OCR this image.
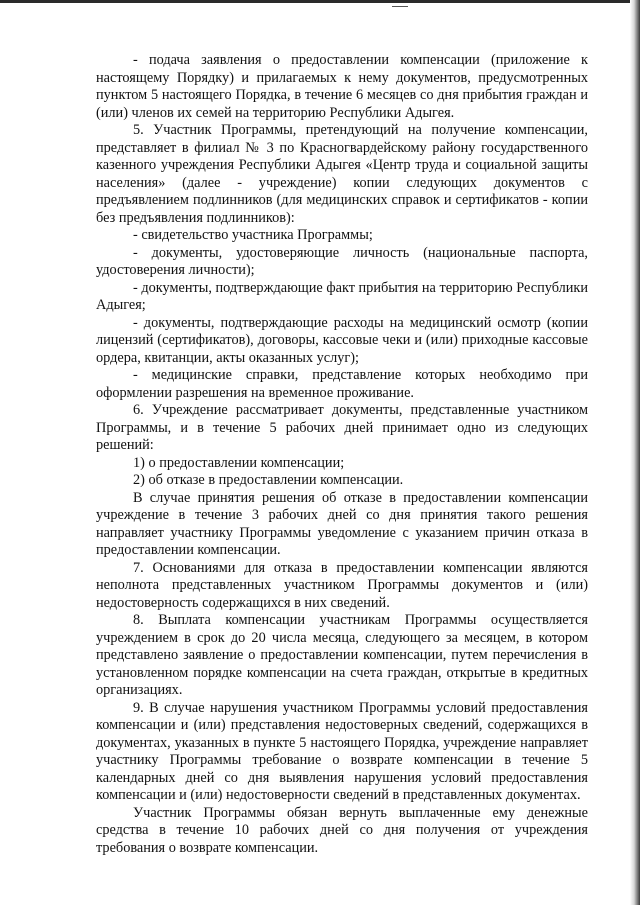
- подача заявления о предоставлении компенсации (приложение к настоящему Порядку) и прилагаемых к нему документов, предусмотренных пунктом 5 настоящего Порядка, в течение 6 месяцев со дня прибытия граждан и (или) членов их семей на территорию Республики Адыгея.

5. Участник Программы, претендующий на получение компенсации, представляет в филиал № 3 по Красногвардейскому району государственного казенного учреждения Республики Адыгея «Центр труда и социальной защиты населения» (далее - учреждение) копии следующих документов с предъявлением подлинников (для медицинских справок и сертификатов - копии без предъявления подлинников):

- свидетельство участника Программы;

- документы, удостоверяющие личность (национальные паспорта, удостоверения личности);

- документы, подтверждающие факт прибытия на территорию Республики Адыгея;

- документы, подтверждающие расходы на медицинский осмотр (копии лицензий (сертификатов), договоры, кассовые чеки и (или) приходные кассовые ордера, квитанции, акты оказанных услуг);

- медицинские справки, представление которых необходимо при оформлении разрешения на временное проживание.

6. Учреждение рассматривает документы, представленные участником Программы, и в течение 5 рабочих дней принимает одно из следующих решений:

1) о предоставлении компенсации;

2) об отказе в предоставлении компенсации.

В случае принятия решения об отказе в предоставлении компенсации учреждение в течение 3 рабочих дней со дня принятия такого решения направляет участнику Программы уведомление с указанием причин отказа в предоставлении компенсации.

7. Основаниями для отказа в предоставлении компенсации являются неполнота представленных участником Программы документов и (или) недостоверность содержащихся в них сведений.

8. Выплата компенсации участникам Программы осуществляется учреждением в срок до 20 числа месяца, следующего за месяцем, в котором представлено заявление о предоставлении компенсации, путем перечисления в установленном порядке компенсации на счета граждан, открытые в кредитных организациях.

9. В случае нарушения участником Программы условий предоставления компенсации и (или) представления недостоверных сведений, содержащихся в документах, указанных в пункте 5 настоящего Порядка, учреждение направляет участнику Программы требование о возврате компенсации в течение 5 календарных дней со дня выявления нарушения условий предоставления компенсации и (или) недостоверности сведений в представленных документах.

Участник Программы обязан вернуть выплаченные ему денежные средства в течение 10 рабочих дней со дня получения от учреждения требования о возврате компенсации.
